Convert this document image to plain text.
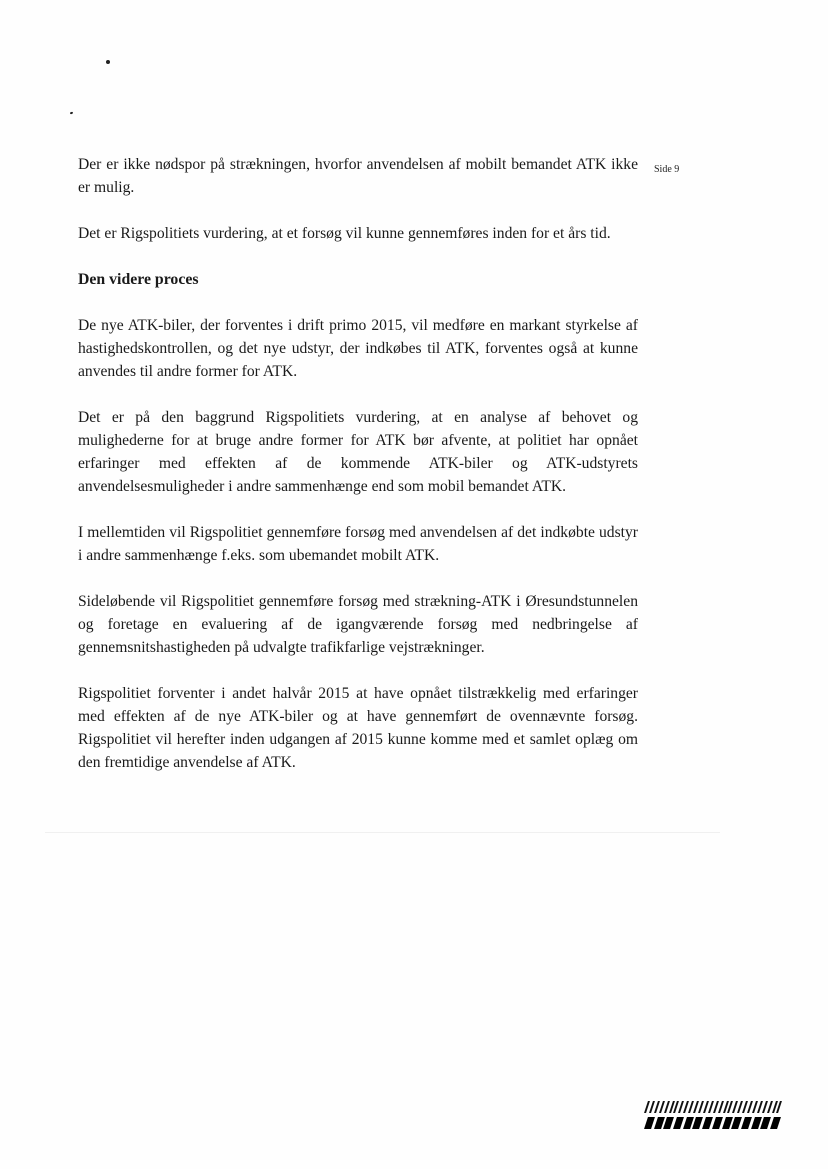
Side 9

Der er ikke nødspor på strækningen, hvorfor anvendelsen af mobilt bemandet ATK ikke er mulig.

Det er Rigspolitiets vurdering, at et forsøg vil kunne gennemføres inden for et års tid.

Den videre proces

De nye ATK-biler, der forventes i drift primo 2015, vil medføre en markant styrkelse af hastighedskontrollen, og det nye udstyr, der indkøbes til ATK, forventes også at kunne anvendes til andre former for ATK.

Det er på den baggrund Rigspolitiets vurdering, at en analyse af behovet og mulighederne for at bruge andre former for ATK bør afvente, at politiet har opnået erfaringer med effekten af de kommende ATK-biler og ATK-udstyrets anvendelsesmuligheder i andre sammenhænge end som mobil bemandet ATK.

I mellemtiden vil Rigspolitiet gennemføre forsøg med anvendelsen af det indkøbte udstyr i andre sammenhænge f.eks. som ubemandet mobilt ATK.

Sideløbende vil Rigspolitiet gennemføre forsøg med strækning-ATK i Øresundstunnelen og foretage en evaluering af de igangværende forsøg med nedbringelse af gennemsnitshastigheden på udvalgte trafikfarlige vejstrækninger.

Rigspolitiet forventer i andet halvår 2015 at have opnået tilstrækkelig med erfaringer med effekten af de nye ATK-biler og at have gennemført de ovennævnte forsøg. Rigspolitiet vil herefter inden udgangen af 2015 kunne komme med et samlet oplæg om den fremtidige anvendelse af ATK.
